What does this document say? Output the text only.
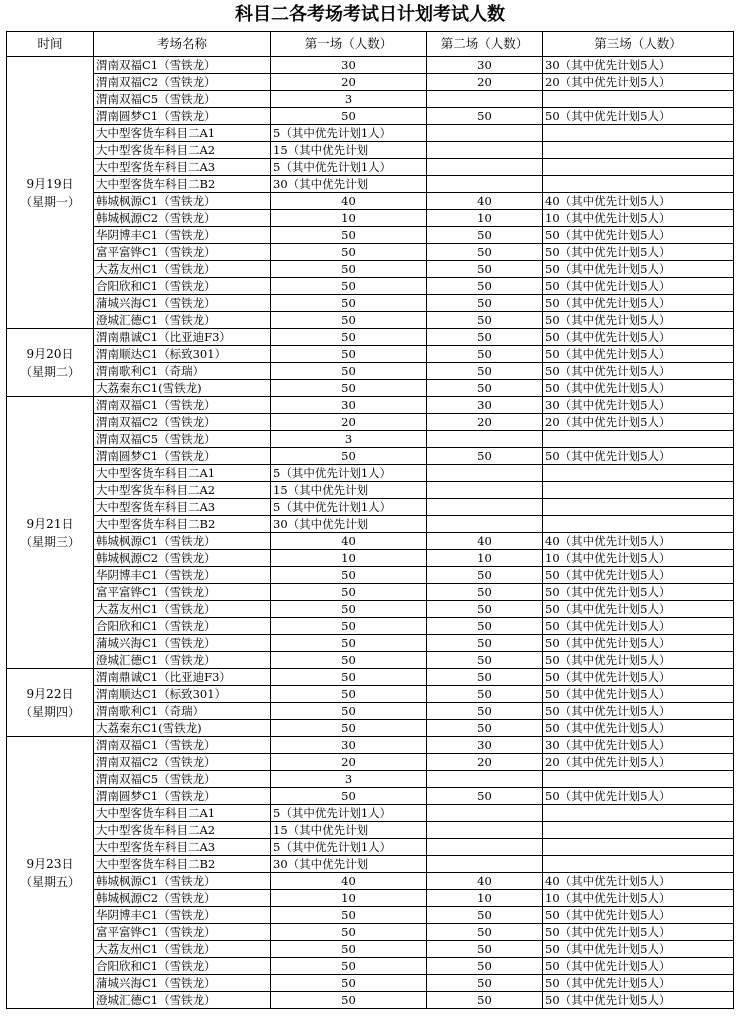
科目二各考场考试日计划考试人数
时间	考场名称	第一场（人数）	第二场（人数）	第三场（人数）

9月19日
（星期一）	渭南双福C1（雪铁龙）	30	30	30（其中优先计划5人）
	渭南双福C2（雪铁龙）	20	20	20（其中优先计划5人）
	渭南双福C5（雪铁龙）	3		
	渭南圆梦C1（雪铁龙）	50	50	50（其中优先计划5人）
	大中型客货车科目二A1	5（其中优先计划1人）		
	大中型客货车科目二A2	15（其中优先计划		
	大中型客货车科目二A3	5（其中优先计划1人）		
	大中型客货车科目二B2	30（其中优先计划		
	韩城枫源C1（雪铁龙）	40	40	40（其中优先计划5人）
	韩城枫源C2（雪铁龙）	10	10	10（其中优先计划5人）
	华阴博丰C1（雪铁龙）	50	50	50（其中优先计划5人）
	富平富铧C1（雪铁龙）	50	50	50（其中优先计划5人）
	大荔友州C1（雪铁龙）	50	50	50（其中优先计划5人）
	合阳欣和C1（雪铁龙）	50	50	50（其中优先计划5人）
	蒲城兴海C1（雪铁龙）	50	50	50（其中优先计划5人）
	澄城汇德C1（雪铁龙）	50	50	50（其中优先计划5人）

9月20日
（星期二）	渭南鼎诚C1（比亚迪F3）	50	50	50（其中优先计划5人）
	渭南顺达C1（标致301）	50	50	50（其中优先计划5人）
	渭南歌利C1（奇瑞）	50	50	50（其中优先计划5人）
	大荔秦东C1(雪铁龙)	50	50	50（其中优先计划5人）

9月21日
（星期三）	渭南双福C1（雪铁龙）	30	30	30（其中优先计划5人）
	渭南双福C2（雪铁龙）	20	20	20（其中优先计划5人）
	渭南双福C5（雪铁龙）	3		
	渭南圆梦C1（雪铁龙）	50	50	50（其中优先计划5人）
	大中型客货车科目二A1	5（其中优先计划1人）		
	大中型客货车科目二A2	15（其中优先计划		
	大中型客货车科目二A3	5（其中优先计划1人）		
	大中型客货车科目二B2	30（其中优先计划		
	韩城枫源C1（雪铁龙）	40	40	40（其中优先计划5人）
	韩城枫源C2（雪铁龙）	10	10	10（其中优先计划5人）
	华阴博丰C1（雪铁龙）	50	50	50（其中优先计划5人）
	富平富铧C1（雪铁龙）	50	50	50（其中优先计划5人）
	大荔友州C1（雪铁龙）	50	50	50（其中优先计划5人）
	合阳欣和C1（雪铁龙）	50	50	50（其中优先计划5人）
	蒲城兴海C1（雪铁龙）	50	50	50（其中优先计划5人）
	澄城汇德C1（雪铁龙）	50	50	50（其中优先计划5人）

9月22日
（星期四）	渭南鼎诚C1（比亚迪F3）	50	50	50（其中优先计划5人）
	渭南顺达C1（标致301）	50	50	50（其中优先计划5人）
	渭南歌利C1（奇瑞）	50	50	50（其中优先计划5人）
	大荔秦东C1(雪铁龙)	50	50	50（其中优先计划5人）

9月23日
（星期五）	渭南双福C1（雪铁龙）	30	30	30（其中优先计划5人）
	渭南双福C2（雪铁龙）	20	20	20（其中优先计划5人）
	渭南双福C5（雪铁龙）	3		
	渭南圆梦C1（雪铁龙）	50	50	50（其中优先计划5人）
	大中型客货车科目二A1	5（其中优先计划1人）		
	大中型客货车科目二A2	15（其中优先计划		
	大中型客货车科目二A3	5（其中优先计划1人）		
	大中型客货车科目二B2	30（其中优先计划		
	韩城枫源C1（雪铁龙）	40	40	40（其中优先计划5人）
	韩城枫源C2（雪铁龙）	10	10	10（其中优先计划5人）
	华阴博丰C1（雪铁龙）	50	50	50（其中优先计划5人）
	富平富铧C1（雪铁龙）	50	50	50（其中优先计划5人）
	大荔友州C1（雪铁龙）	50	50	50（其中优先计划5人）
	合阳欣和C1（雪铁龙）	50	50	50（其中优先计划5人）
	蒲城兴海C1（雪铁龙）	50	50	50（其中优先计划5人）
	澄城汇德C1（雪铁龙）	50	50	50（其中优先计划5人）
